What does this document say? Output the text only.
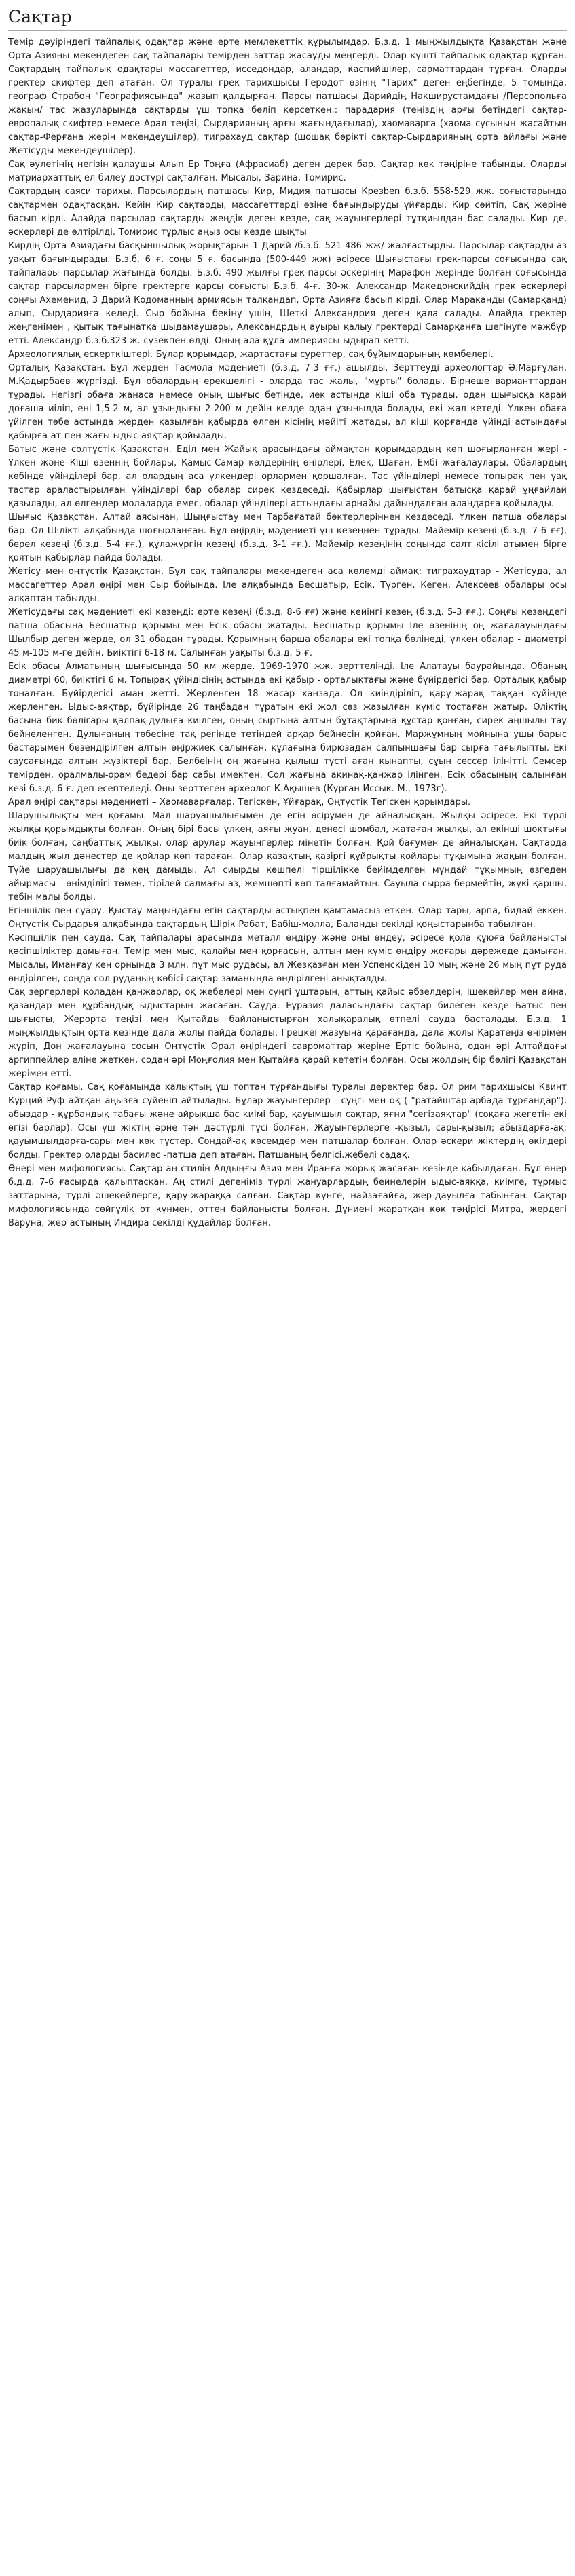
Сақтар

Темір дәуіріндегі тайпалық одақтар және ерте мемлекеттік құрылымдар. Б.з.д. 1 мыңжылдықта Қазақстан және Орта Азияны мекендеген сақ тайпалары темірден заттар жасауды меңгерді. Олар күшті тайпалық одақтар құрған. Сақтардың тайпалық одақтары массагеттер, исседондар, аландар, каспийшілер, сарматтардан тұрған. Оларды гректер скифтер деп атаған. Ол туралы грек тарихшысы Геродот өзінің "Тарих" деген еңбегінде, 5 томында, географ Страбон "Географиясында" жазып қалдырған. Парсы патшасы Дарийдің Накширустамдағы /Персопольға жақын/ тас жазуларында сақтарды үш топқа бөліп көрсеткен.: парадария (теңіздің арғы бетіндегі сақтар-европалық скифтер немесе Арал теңізі, Сырдарияның арғы жағындағылар), хаомаварга (хаома сусынын жасайтын сақтар-Ферғана жерін мекендеушілер), тиграхауд сақтар (шошақ бөрікті сақтар-Сырдарияның орта айлағы және Жетісуды мекендеушілер).

Сақ әулетінің негізін қалаушы Алып Ер Тоңға (Афрасиаб) деген дерек бар. Сақтар көк тәңіріне табынды. Оларды матриархаттық ел билеу дәстүрі сақталған. Мысалы, Зарина, Томирис.

Сақтардың саяси тарихы. Парсылардың патшасы Кир, Мидия патшасы Крезben б.з.б. 558-529 жж. соғыстарында сақтармен одақтасқан. Кейін Кир сақтарды, массагеттерді өзіне бағындыруды үйғарды. Кир сөйтіп, Сақ жеріне басып кірді. Алайда парсылар сақтарды жеңдік деген кезде, сақ жауынгерлері тұтқиылдан бас салады. Кир де, әскерлері де өлтірілді. Томирис тұрлыс аңыз осы кезде шықты

Кирдің Орта Азиядағы басқыншылық жорықтарын 1 Дарий /б.з.б. 521-486 жж/ жалғастырды. Парсылар сақтарды аз уақыт бағындырады. Б.з.б. 6 ғ. соңы 5 ғ. басында (500-449 жж) әсіресе Шығыстағы грек-парсы соғысында сақ тайпалары парсылар жағында болды. Б.з.б. 490 жылғы грек-парсы әскерінің Марафон жерінде болған соғысында сақтар парсылармен бірге гректерге қарсы соғысты Б.з.б. 4-ғ. 30-ж. Александр Македонскийдің грек әскерлері соңғы Ахеменид, 3 Дарий Кодоманның армиясын талқандап, Орта Азияға басып кірді. Олар Мараканды (Самарқанд) алып, Сырдарияға келеді. Сыр бойына бекіну үшін, Шеткі Александрия деген қала салады. Алайда гректер жеңгенімен , қытық тағынатқа шыдамаушары, Александрдың ауыры қалыу гректерді Самарқанға шегінуге мәжбүр етті. Александр б.з.б.323 ж. сүзекпен өлді. Оның ала-құла империясы ыдырап кетті.

Археологиялық ескерткіштері. Бұлар қорымдар, жартастағы суреттер, сақ бұйымдарының көмбелері.

Орталық Қазақстан. Бұл жерден Тасмола мәдениеті (б.з.д. 7-3 ғғ.) ашылды. Зерттеуді археологтар Ә.Марғұлан, М.Қадырбаев жүргізді. Бұл обалардың ерекшелігі - оларда тас жалы, "мұрты" болады. Бірнеше варианттардан тұрады. Негізгі обаға жанаса немесе оның шығыс бетінде, иек астында кіші оба тұрады, одан шығысқа қарай доғаша иіліп, ені 1,5-2 м, ал ұзындығы 2-200 м дейін келде одан ұзынылда болады, екі жал кетеді. Үлкен обаға үйілген төбе астында жерден қазылған қабырда өлген кісінің мәйіті жатады, ал кіші қорғанда үйінді астындағы қабырға ат пен жағы ыдыс-аяқтар қойылады.

Батыс және солтүстік Қазақстан. Еділ мен Жайық арасындағы аймақтан қорымдардың көп шоғырланған жері - Үлкен және Кіші өзеннің бойлары, Қамыс-Самар көлдерінің өңірлері, Елек, Шаған, Ембі жағалаулары. Обалардың көбінде үйінділері бар, ал олардың аса үлкендері орлармен қоршалған. Тас үйінділері немесе топырақ пен үақ тастар араластырылған үйінділері бар обалар сирек кездеседі. Қабырлар шығыстан батысқа қарай ұңғайлай қазылады, ал өлгендер молаларда емес, обалар үйінділері астындағы арнайы дайындалған алаңдарға қойылады.

Шығыс Қазақстан. Алтай аясынан, Шыңғыстау мен Тарбағатай бөктерлеріннен кездеседі. Үлкен патша обалары бар. Ол Шілікті алқабында шоғырланған. Бұл өңірдің мәдениеті үш кезеңнен тұрады. Майемір кезеңі (б.з.д. 7-6 ғғ), берел кезеңі (б.з.д. 5-4 ғғ.), құлажүргін кезеңі (б.з.д. 3-1 ғғ.). Майемір кезеңінің соңында салт кісілі атымен бірге қоятын қабырлар пайда болады.

Жетісу мен оңтүстік Қазақстан. Бұл сақ тайпалары мекендеген аса көлемді аймақ: тиграхаудтар - Жетісуда, ал массагеттер Арал өңірі мен Сыр бойында. Іле алқабында Бесшатыр, Есік, Түрген, Кеген, Алексеев обалары осы алқаптан табылды.

Жетісудағы сақ мәдениеті екі кезеңді: ерте кезеңі (б.з.д. 8-6 ғғ) және кейінгі кезең (б.з.д. 5-3 ғғ.). Соңғы кезеңдегі патша обасына Бесшатыр қорымы мен Есік обасы жатады. Бесшатыр қорымы Іле өзенінің оң жағалауындағы Шылбыр деген жерде, ол 31 обадан тұрады. Қорымның барша обалары екі топқа бөлінеді, үлкен обалар - диаметрі 45 м-105 м-ге дейін. Биіктігі 6-18 м. Салынған уақыты б.з.д. 5 ғ.

Есік обасы Алматының шығысында 50 км жерде. 1969-1970 жж. зерттелінді. Іле Алатауы баурайында. Обаның диаметрі 60, биіктігі 6 м. Топырақ үйіндісінің астында екі қабыр - орталықтағы және бүйірдегісі бар. Орталық қабыр тоналған. Бүйірдегісі аман жетті. Жерленген 18 жасар ханзада. Ол киіндіріліп, қару-жарақ таққан күйінде жерленген. Ыдыс-аяқтар, бүйірінде 26 таңбадан тұратын екі жол сөз жазылған күміс тостаған жатыр. Өліктің басына бик бөлігары қалпақ-дулыға киілген, оның сыртына алтын бұтақтарына құстар қонған, сирек аңшылы тау бейнеленген. Дулығаның төбесіне тақ регінде тетіндей арқар бейнесін қойған. Маржұмның мойнына ушы барыс бастарымен безендірілген алтын өңіржиек салынған, құлағына бирюзадан салпыншағы бар сырға тағылыпты. Екі саусағында алтын жүзіктері бар. Белбеінің оң жағына қылыш түсті аған қынапты, сұын сессер ілінітті. Семсер темірден, оралмалы-орам бедері бар сабы имектен. Сол жағына ақинақ-қанжар ілінген. Есік обасының салынған кезі б.з.д. 6 ғ. деп есептеледі. Оны зерттеген археолог К.Ақышев (Курган Иссык. М., 1973г).

Арал өңірі сақтары мәдениеті – Хаомаварғалар. Тегіскен, Ұйғарақ, Оңтүстік Тегіскен қорымдары.

Шарушылықты мен қоғамы. Мал шаруашылығымен де егін өсірумен де айналысқан. Жылқы әсіресе. Екі түрлі жылқы қорымдықты болған. Оның бірі басы үлкен, аяғы жуан, денесі шомбал, жатаған жылқы, ал екінші шоқтығы биік болған, саңбаттық жылқы, олар арулар жауынгерлер мінетін болған. Қой бағумен де айналысқан. Сақтарда малдың жыл дәнестер де қойлар көп тараған. Олар қазақтың қазіргі құйрықты қойлары тұқымына жақын болған. Түйе шаруашылығы да кең дамыды. Ал сиырды көшпелі тіршілікке бейімделген мүндай тұқымның өзгеден айырмасы - өнімділігі төмен, тірілей салмағы аз, жемшөпті көп талғамайтын. Сауыла сырра бермейтін, жүкі қаршы, тебін малы болды.

Егіншілік пен суару. Қыстау маңындағы егін сақтарды астықпен қамтамасыз еткен. Олар тары, арпа, бидай еккен. Оңтүстік Сырдарья алқабында сақтардың Шірік Рабат, Бабіш-молла, Баланды секілді қоңыстарынба табылған.

Кәсіпшілік пен сауда. Сақ тайпалары арасында металл өңдіру және оны өндеу, әсіресе қола құюға байланысты кәсіпшіліктер дамыған. Темір мен мыс, қалайы мен қорғасын, алтын мен күміс өндіру жоғары дәрежеде дамыған. Мысалы, Иманғау кен орнында 3 млн. пұт мыс рудасы, ал Жезқазған мен Успенскіден 10 мың және 26 мың пұт руда өндірілген, сонда сол рудаңың көбісі сақтар заманында өндірілгені анықталды.

Сақ зергерлері қоладан қанжарлар, оқ жебелері мен сүңгі ұштарын, аттың қайыс әбзелдерін, ішекейлер мен айна, қазандар мен құрбандық ыдыстарын жасаған. Сауда. Еуразия даласындағы сақтар билеген кезде Батыс пен шығысты, Жерорта теңізі мен Қытайды байланыстырған халықаралық өтпелі сауда басталады. Б.з.д. 1 мыңжылдықтың орта кезінде дала жолы пайда болады. Грецкеі жазуына қарағанда, дала жолы Қаратеңіз өңірімен жүріп, Дон жағалауына сосын Оңтүстік Орал өңіріндегі савроматтар жеріне Ертіс бойына, одан әрі Алтайдағы аргиппейлер еліне жеткен, содан әрі Моңғолия мен Қытайға қарай кететін болған. Осы жолдың бір бөлігі Қазақстан жерімен етті.

Сақтар қоғамы. Сақ қоғамында халықтың үш топтан тұрғандығы туралы деректер бар. Ол рим тарихшысы Квинт Курций Руф айтқан аңызға сүйеніп айтылады. Бұлар жауынгерлер - сүңгі мен оқ ( "ратайштар-арбада тұрғандар"), абыздар - құрбандық табағы және айрықша бас киімі бар, қауымшыл сақтар, яғни "сегізаяқтар" (соқаға жегетін екі өгізі барлар). Осы үш жіктің әрне тән дәстүрлі түсі болған. Жауынгерлерге -қызыл, сары-қызыл; абыздарға-ақ; қауымшылдарға-сары мен көк түстер. Сондай-ақ көсемдер мен патшалар болған. Олар әскери жіктердің өкілдері болды. Гректер оларды басилес -патша деп атаған. Патшаның белгісі.жебелі садақ.

Өнері мен мифологиясы. Сақтар аң стилін Алдыңғы Азия мен Иранға жорық жасаған кезінде қабылдаған. Бұл өнер б.д.д. 7-6 ғасырда қалыптасқан. Аң стилі дегеніміз түрлі жануарлардың бейнелерін ыдыс-аяққа, киімге, тұрмыс заттарына, түрлі әшекейлерге, қару-жараққа салған. Сақтар күнге, найзағайға, жер-дауылға табынған. Сақтар мифологиясында сөйгүлік от күнмен, оттен байланысты болған. Дүниені жаратқан көк тәңірісі Митра, жердегі Варуна, жер астының Индира секілді құдайлар болған.
